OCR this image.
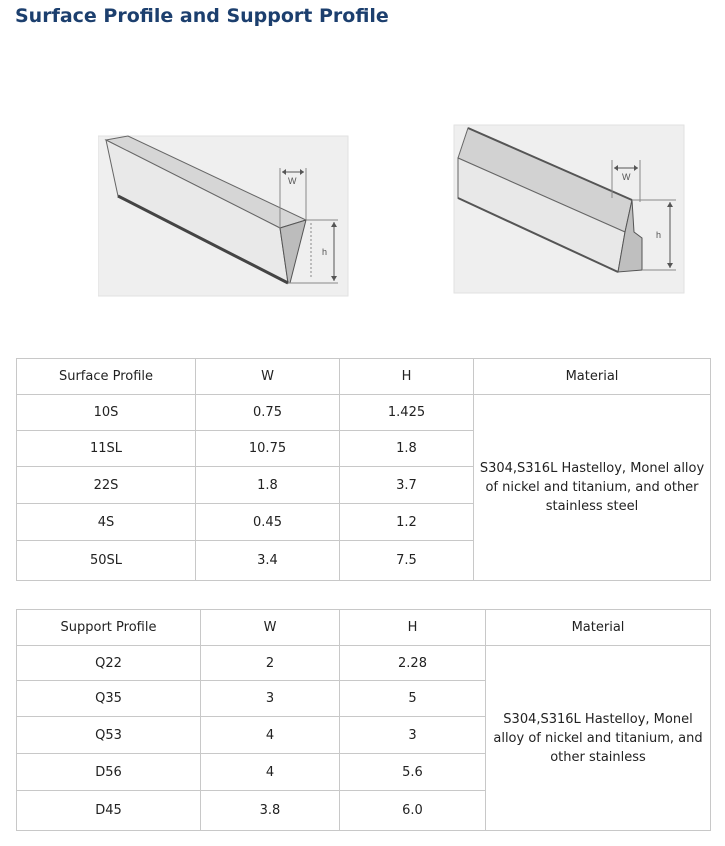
Surface Profile and Support Profile
W
h
W
h
Surface Profile	W	H	Material
10S	0.75	1.425	S304,S316L Hastelloy, Monel alloy of nickel and titanium, and other stainless steel
11SL	10.75	1.8	
22S	1.8	3.7	
4S	0.45	1.2	
50SL	3.4	7.5	
Support Profile	W	H	Material
Q22	2	2.28	S304,S316L Hastelloy, Monel alloy of nickel and titanium, and other stainless
Q35	3	5	
Q53	4	3	
D56	4	5.6	
D45	3.8	6.0	
